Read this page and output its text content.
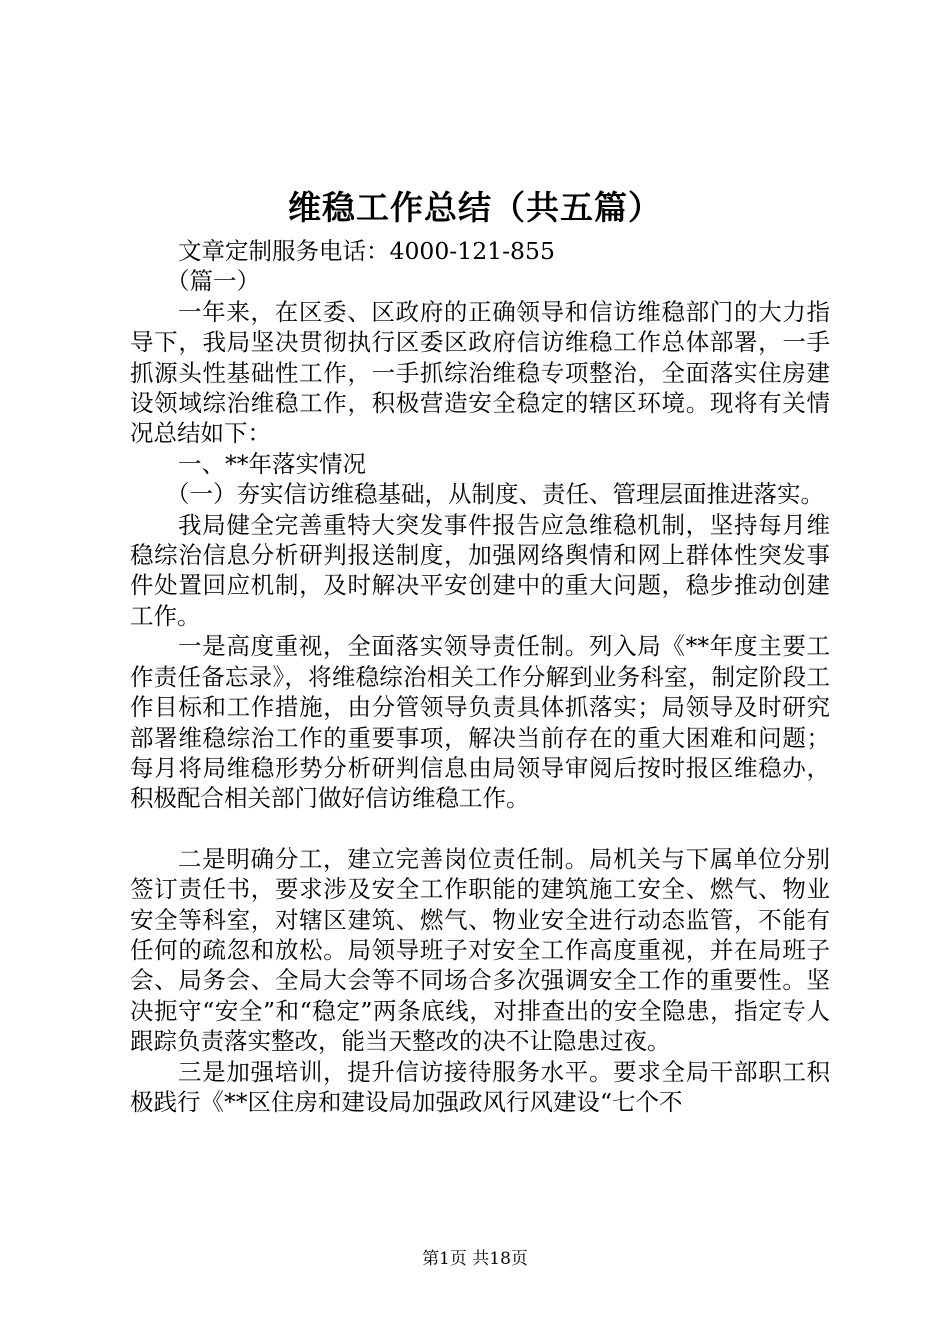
维稳工作总结（共五篇）

文章定制服务电话：4000-121-855

（篇一）

一年来，在区委、区政府的正确领导和信访维稳部门的大力指导下，我局坚决贯彻执行区委区政府信访维稳工作总体部署，一手抓源头性基础性工作，一手抓综治维稳专项整治，全面落实住房建设领域综治维稳工作，积极营造安全稳定的辖区环境。现将有关情况总结如下：

一、**年落实情况

（一）夯实信访维稳基础，从制度、责任、管理层面推进落实。

我局健全完善重特大突发事件报告应急维稳机制，坚持每月维稳综治信息分析研判报送制度，加强网络舆情和网上群体性突发事件处置回应机制，及时解决平安创建中的重大问题，稳步推动创建工作。

一是高度重视，全面落实领导责任制。列入局《**年度主要工作责任备忘录》，将维稳综治相关工作分解到业务科室，制定阶段工作目标和工作措施，由分管领导负责具体抓落实；局领导及时研究部署维稳综治工作的重要事项，解决当前存在的重大困难和问题；每月将局维稳形势分析研判信息由局领导审阅后按时报区维稳办，积极配合相关部门做好信访维稳工作。

二是明确分工，建立完善岗位责任制。局机关与下属单位分别签订责任书，要求涉及安全工作职能的建筑施工安全、燃气、物业安全等科室，对辖区建筑、燃气、物业安全进行动态监管，不能有任何的疏忽和放松。局领导班子对安全工作高度重视，并在局班子会、局务会、全局大会等不同场合多次强调安全工作的重要性。坚决扼守“安全”和“稳定”两条底线，对排查出的安全隐患，指定专人跟踪负责落实整改，能当天整改的决不让隐患过夜。

三是加强培训，提升信访接待服务水平。要求全局干部职工积极践行《**区住房和建设局加强政风行风建设“七个不

第1页 共18页
